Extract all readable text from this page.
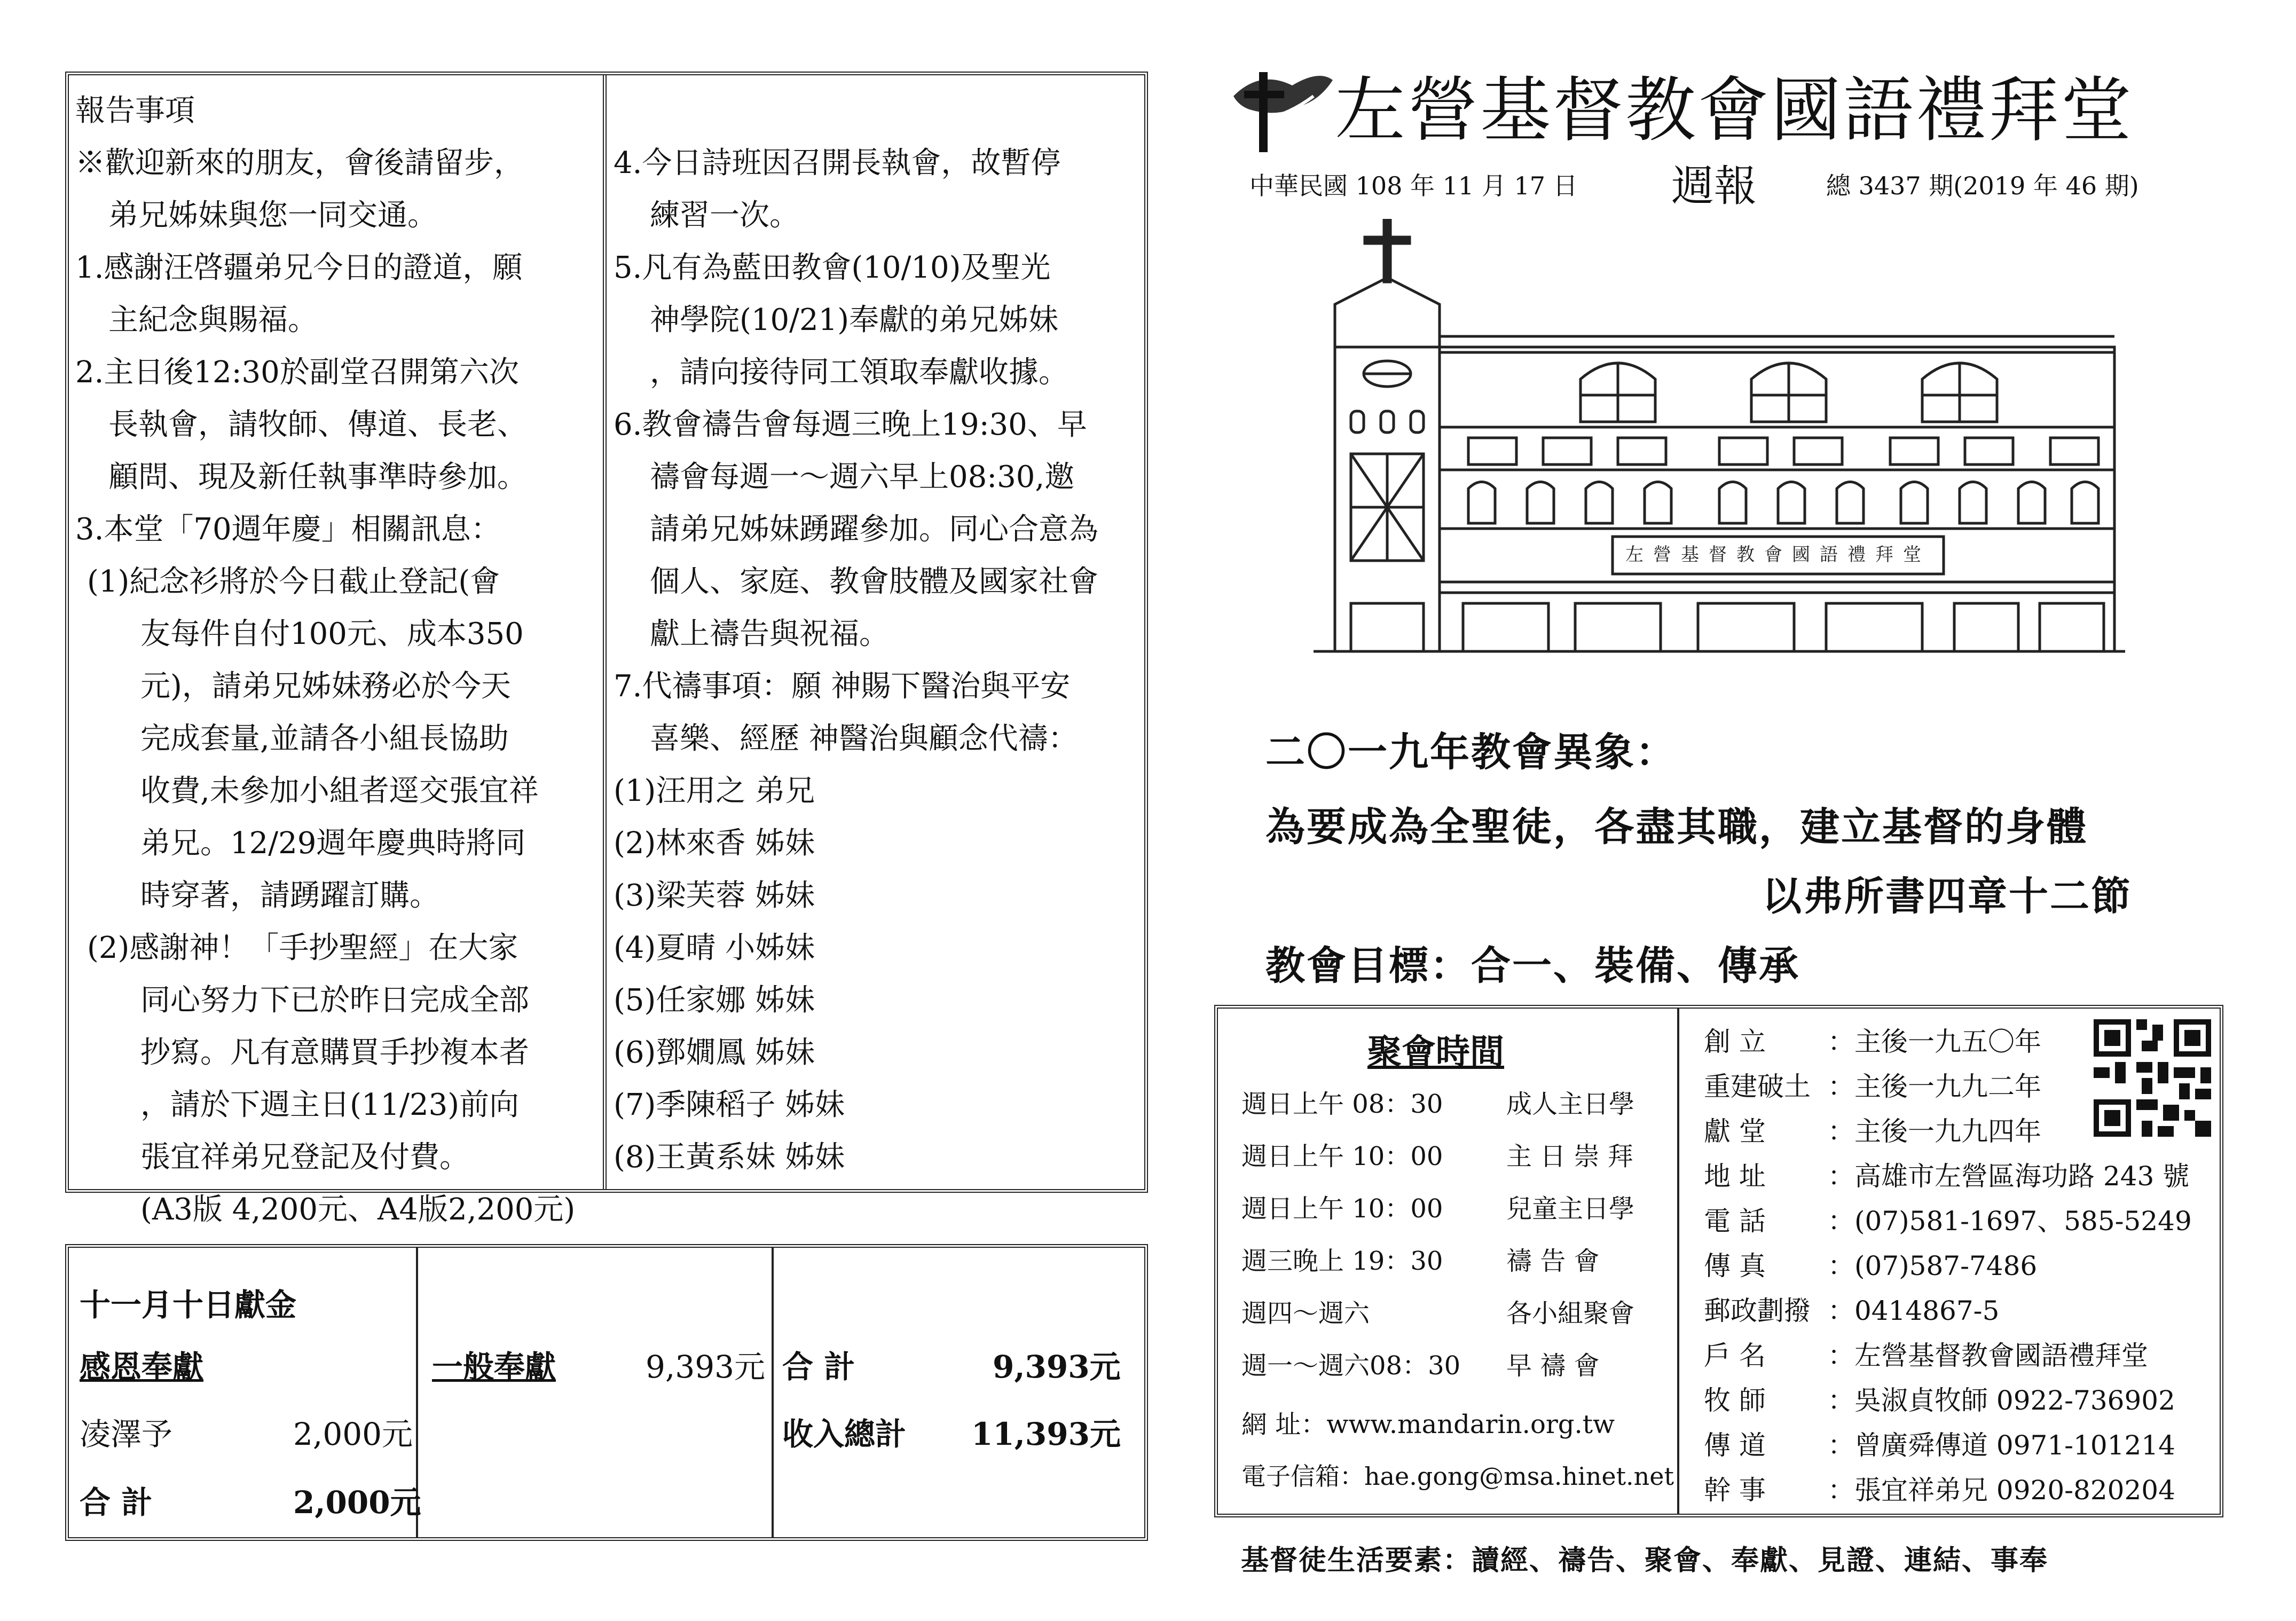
報告事項
※歡迎新來的朋友，會後請留步，
弟兄姊妹與您一同交通。
1.感謝汪啓疆弟兄今日的證道，願
主紀念與賜福。
2.主日後12:30於副堂召開第六次
長執會，請牧師、傳道、長老、
顧問、現及新任執事準時參加。
3.本堂「70週年慶」相關訊息：
(1)紀念衫將於今日截止登記(會
友每件自付100元、成本350
元)，請弟兄姊妹務必於今天
完成套量,並請各小組長協助
收費,未參加小組者逕交張宜祥
弟兄。12/29週年慶典時將同
時穿著，請踴躍訂購。
(2)感謝神！「手抄聖經」在大家
同心努力下已於昨日完成全部
抄寫。凡有意購買手抄複本者
，請於下週主日(11/23)前向
張宜祥弟兄登記及付費。
(A3版 4,200元、A4版2,200元)
4.今日詩班因召開長執會，故暫停
練習一次。
5.凡有為藍田教會(10/10)及聖光
神學院(10/21)奉獻的弟兄姊妹
，請向接待同工領取奉獻收據。
6.教會禱告會每週三晚上19:30、早
禱會每週一～週六早上08:30,邀
請弟兄姊妹踴躍參加。同心合意為
個人、家庭、教會肢體及國家社會
獻上禱告與祝福。
7.代禱事項：願 神賜下醫治與平安
喜樂、經歷 神醫治與顧念代禱：
(1)汪用之 弟兄
(2)林來香 姊妹
(3)梁芙蓉 姊妹
(4)夏晴 小姊妹
(5)任家娜 姊妹
(6)鄧嫺鳳 姊妹
(7)季陳稻子 姊妹
(8)王黃系妹 姊妹
十一月十日獻金
感恩奉獻
凌澤予	2,000元
合 計	2,000元
一般奉獻	9,393元 合 計	9,393元
收入總計 11,393元
左營基督教會國語禮拜堂
中華民國 108 年 11 月 17 日 週報	總 3437 期(2019 年 46 期)
左營基督教會國語禮拜堂
二〇一九年教會異象：
為要成為全聖徒，各盡其職，建立基督的身體
以弗所書四章十二節
教會目標：合一、裝備、傳承
聚會時間
週日上午 08：30 成人主日學
週日上午 10：00 主 日 崇 拜
週日上午 10：00 兒童主日學
週三晚上 19：30 禱 告 會
週四～週六	各小組聚會
週一～週六08：30 早 禱 會
網 址：www.mandarin.org.tw
電子信箱：hae.gong@msa.hinet.net
創 立 ：主後一九五〇年
重建破土 ：主後一九九二年
獻 堂 ：主後一九九四年
地 址 ：高雄市左營區海功路 243 號
電 話 ：(07)581-1697、585-5249
傳 真 ：(07)587-7486
郵政劃撥 ：0414867-5
戶 名 ：左營基督教會國語禮拜堂
牧 師 ：吳淑貞牧師 0922-736902
傳 道 ：曾廣舜傳道 0971-101214
幹 事 ：張宜祥弟兄 0920-820204
基督徒生活要素：讀經、禱告、聚會、奉獻、見證、連結、事奉
